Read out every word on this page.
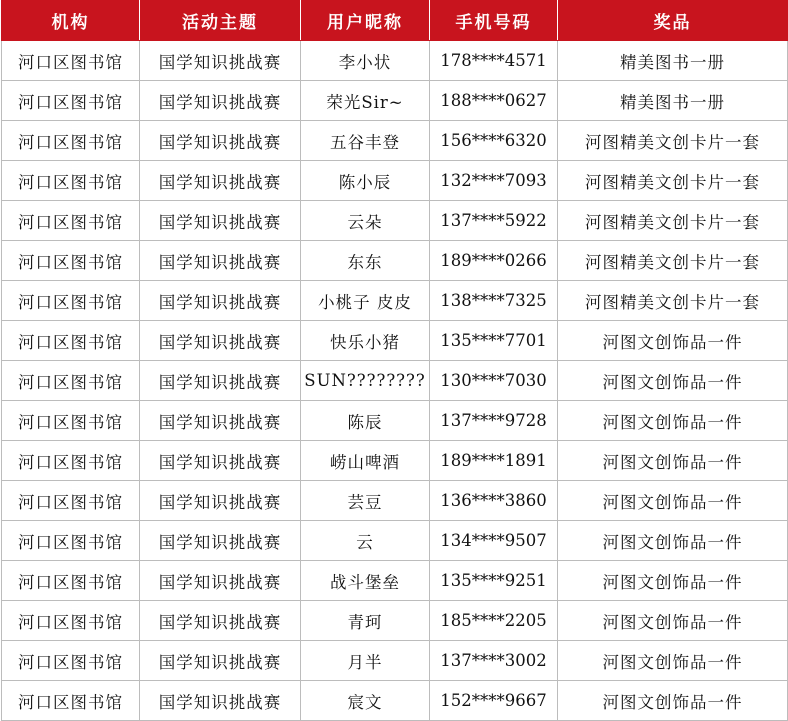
机构	活动主题	用户昵称	手机号码	奖品
河口区图书馆	国学知识挑战赛	李小状	178****4571	精美图书一册
河口区图书馆	国学知识挑战赛	荣光Sir~	188****0627	精美图书一册
河口区图书馆	国学知识挑战赛	五谷丰登	156****6320	河图精美文创卡片一套
河口区图书馆	国学知识挑战赛	陈小辰	132****7093	河图精美文创卡片一套
河口区图书馆	国学知识挑战赛	云朵	137****5922	河图精美文创卡片一套
河口区图书馆	国学知识挑战赛	东东	189****0266	河图精美文创卡片一套
河口区图书馆	国学知识挑战赛	小桃子 皮皮	138****7325	河图精美文创卡片一套
河口区图书馆	国学知识挑战赛	快乐小猪	135****7701	河图文创饰品一件
河口区图书馆	国学知识挑战赛	SUN????????	130****7030	河图文创饰品一件
河口区图书馆	国学知识挑战赛	陈辰	137****9728	河图文创饰品一件
河口区图书馆	国学知识挑战赛	崂山啤酒	189****1891	河图文创饰品一件
河口区图书馆	国学知识挑战赛	芸豆	136****3860	河图文创饰品一件
河口区图书馆	国学知识挑战赛	云	134****9507	河图文创饰品一件
河口区图书馆	国学知识挑战赛	战斗堡垒	135****9251	河图文创饰品一件
河口区图书馆	国学知识挑战赛	青珂	185****2205	河图文创饰品一件
河口区图书馆	国学知识挑战赛	月半	137****3002	河图文创饰品一件
河口区图书馆	国学知识挑战赛	宸文	152****9667	河图文创饰品一件
